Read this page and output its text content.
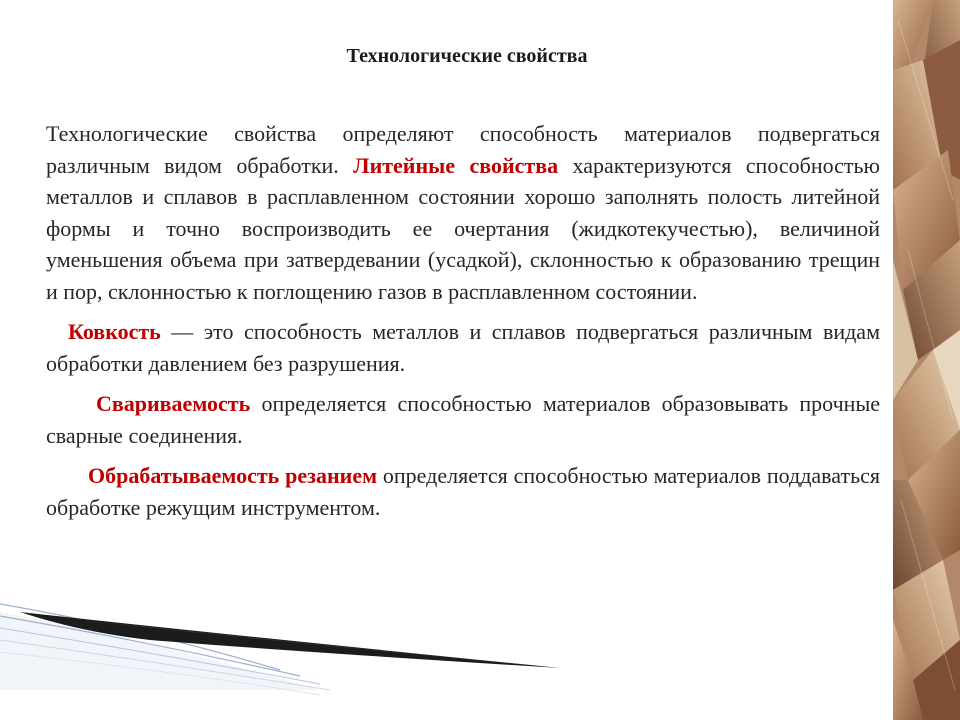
Технологические свойства

Технологические свойства определяют способность материалов подвергаться различным видом обработки. Литейные свойства характеризуются способностью металлов и сплавов в расплавленном состоянии хорошо заполнять полость литейной формы и точно воспроизводить ее очертания (жидкотекучестью), величиной уменьшения объема при затвердевании (усадкой), склонностью к образованию трещин и пор, склонностью к поглощению газов в расплавленном состоянии.

Ковкость — это способность металлов и сплавов подвергаться различным видам обработки давлением без разрушения.

Свариваемость определяется способностью материалов образовывать прочные сварные соединения.

Обрабатываемость резанием определяется способностью материалов поддаваться обработке режущим инструментом.
